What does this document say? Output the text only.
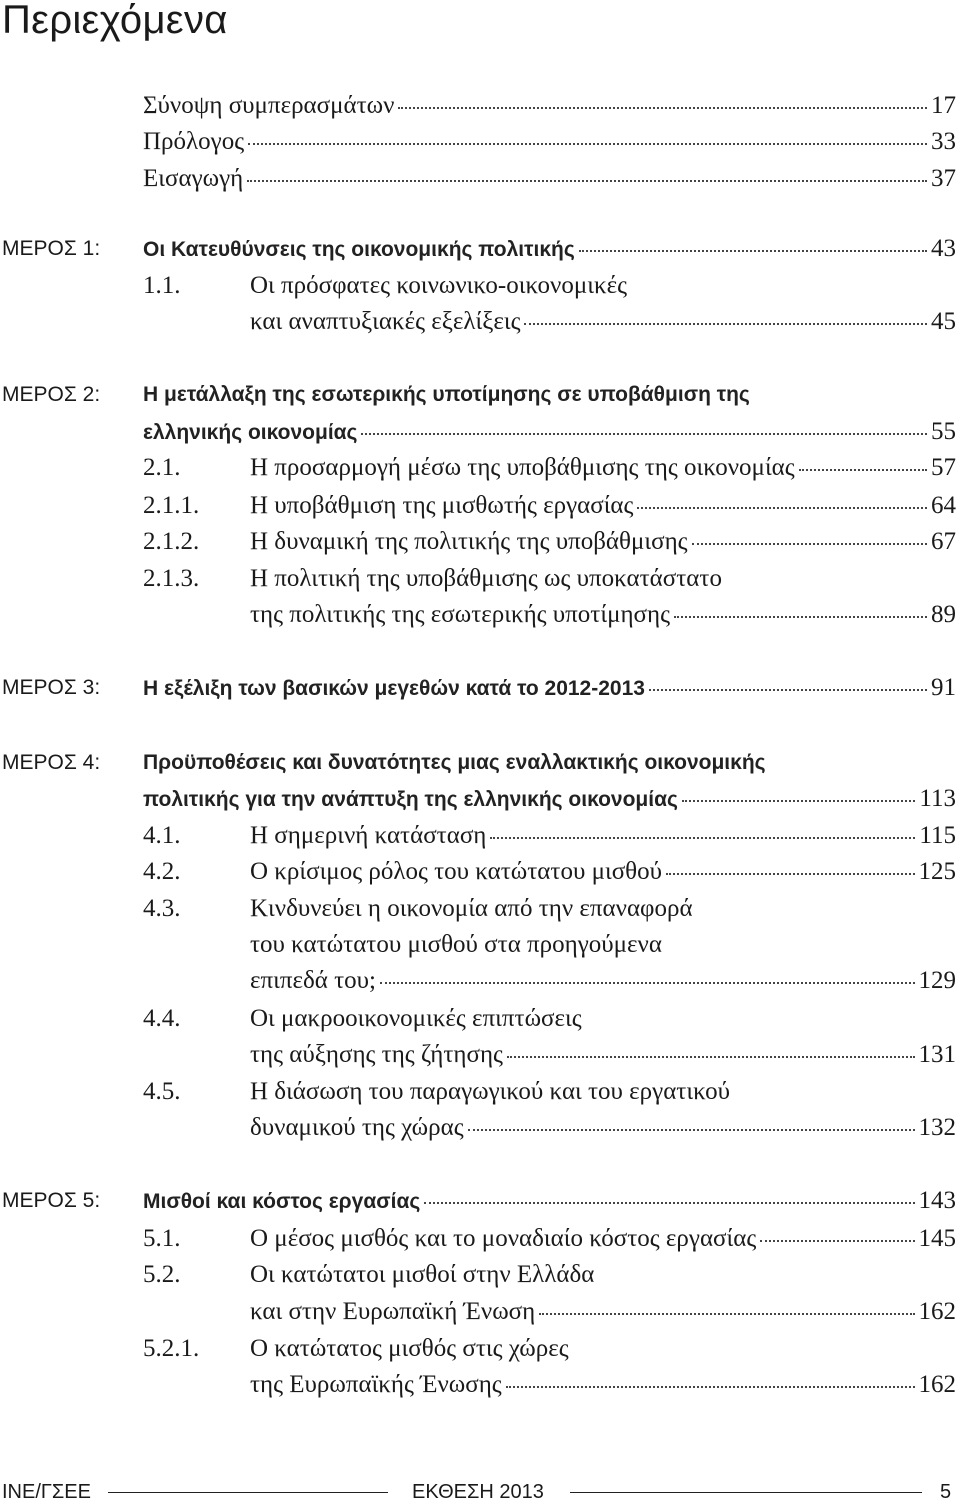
Περιεχόμενα
Σύνοψη συμπερασμάτων	17
Πρόλογος	33
Εισαγωγή	37
ΜΕΡΟΣ 1: Οι Κατευθύνσεις της οικονομικής πολιτικής	43
1.1.	Οι πρόσφατες κοινωνικο-οικονομικές
και αναπτυξιακές εξελίξεις	45
ΜΕΡΟΣ 2: Η μετάλλαξη της εσωτερικής υποτίμησης σε υποβάθμιση της
ελληνικής οικονομίας	55
2.1.	Η προσαρμογή μέσω της υποβάθμισης της οικονομίας	57
2.1.1. Η υποβάθμιση της μισθωτής εργασίας	64
2.1.2. Η δυναμική της πολιτικής της υποβάθμισης	67
2.1.3. Η πολιτική της υποβάθμισης ως υποκατάστατο
της πολιτικής της εσωτερικής υποτίμησης	89
ΜΕΡΟΣ 3: Η εξέλιξη των βασικών μεγεθών κατά το 2012-2013	91
ΜΕΡΟΣ 4: Προϋποθέσεις και δυνατότητες μιας εναλλακτικής οικονομικής
πολιτικής για την ανάπτυξη της ελληνικής οικονομίας	113
4.1.	Η σημερινή κατάσταση	115
4.2.	Ο κρίσιμος ρόλος του κατώτατου μισθού	125
4.3.	Κινδυνεύει η οικονομία από την επαναφορά
του κατώτατου μισθού στα προηγούμενα
επιπεδά του;	129
4.4.	Οι μακροοικονομικές επιπτώσεις
της αύξησης της ζήτησης	131
4.5.	Η διάσωση του παραγωγικού και του εργατικού
δυναμικού της χώρας	132
ΜΕΡΟΣ 5: Μισθοί και κόστος εργασίας	143
5.1.	Ο μέσος μισθός και το μοναδιαίο κόστος εργασίας	145
5.2.	Οι κατώτατοι μισθοί στην Ελλάδα
και στην Ευρωπαϊκή Ένωση	162
5.2.1. Ο κατώτατος μισθός στις χώρες
της Ευρωπαϊκής Ένωσης	162
ΙΝΕ/ΓΣΕΕ	ΕΚΘΕΣΗ 2013	5
